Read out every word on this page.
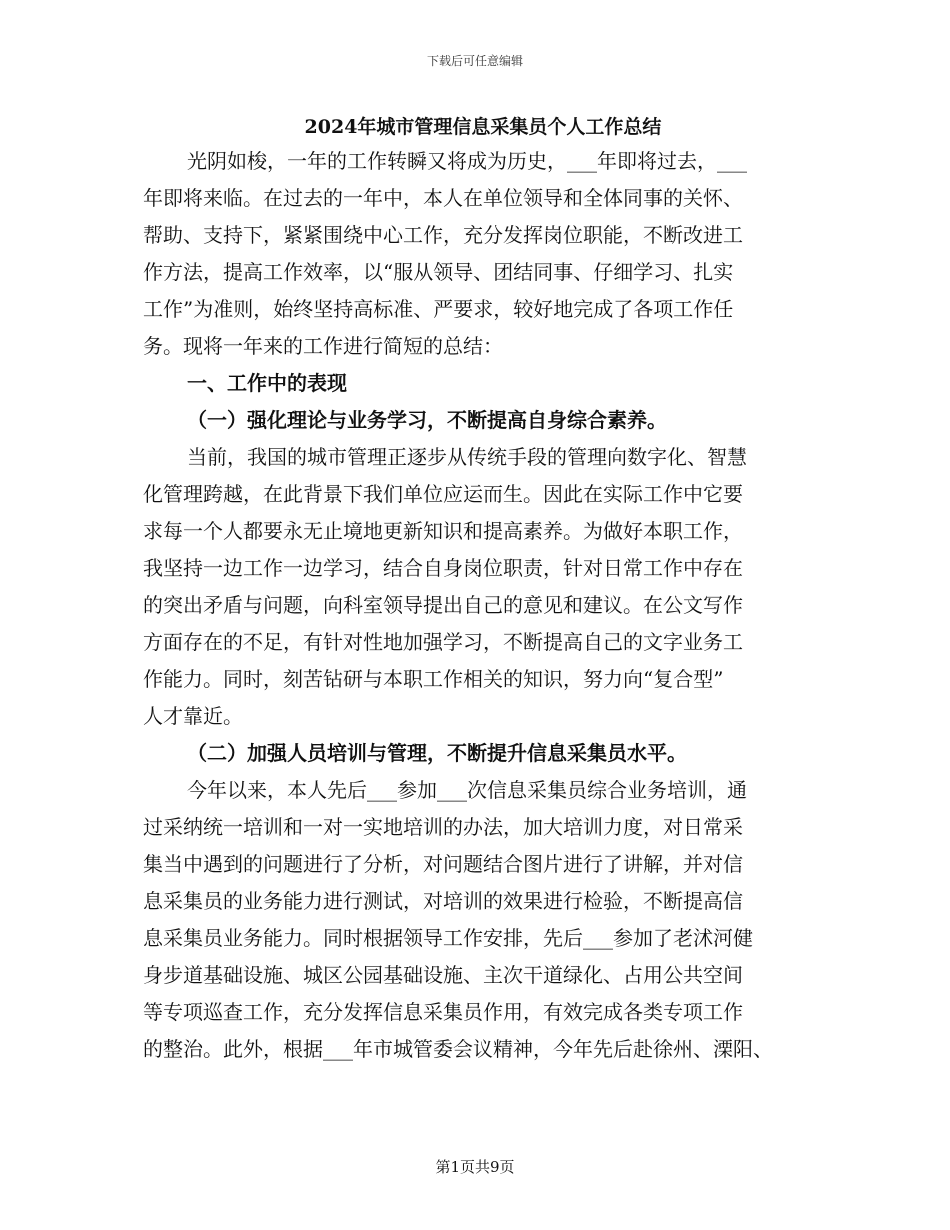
下载后可任意编辑
2024年城市管理信息采集员个人工作总结
光阴如梭，一年的工作转瞬又将成为历史，___年即将过去，___
年即将来临。在过去的一年中，本人在单位领导和全体同事的关怀、
帮助、支持下，紧紧围绕中心工作，充分发挥岗位职能，不断改进工
作方法，提高工作效率，以“服从领导、团结同事、仔细学习、扎实
工作”为准则，始终坚持高标准、严要求，较好地完成了各项工作任
务。现将一年来的工作进行简短的总结：
一、工作中的表现
（一）强化理论与业务学习，不断提高自身综合素养。
当前，我国的城市管理正逐步从传统手段的管理向数字化、智慧
化管理跨越，在此背景下我们单位应运而生。因此在实际工作中它要
求每一个人都要永无止境地更新知识和提高素养。为做好本职工作，
我坚持一边工作一边学习，结合自身岗位职责，针对日常工作中存在
的突出矛盾与问题，向科室领导提出自己的意见和建议。在公文写作
方面存在的不足，有针对性地加强学习，不断提高自己的文字业务工
作能力。同时，刻苦钻研与本职工作相关的知识，努力向“复合型”
人才靠近。
（二）加强人员培训与管理，不断提升信息采集员水平。
今年以来，本人先后___参加___次信息采集员综合业务培训，通
过采纳统一培训和一对一实地培训的办法，加大培训力度，对日常采
集当中遇到的问题进行了分析，对问题结合图片进行了讲解，并对信
息采集员的业务能力进行测试，对培训的效果进行检验，不断提高信
息采集员业务能力。同时根据领导工作安排，先后___参加了老沭河健
身步道基础设施、城区公园基础设施、主次干道绿化、占用公共空间
等专项巡查工作，充分发挥信息采集员作用，有效完成各类专项工作
的整治。此外，根据___年市城管委会议精神，今年先后赴徐州、溧阳、
第1页共9页
